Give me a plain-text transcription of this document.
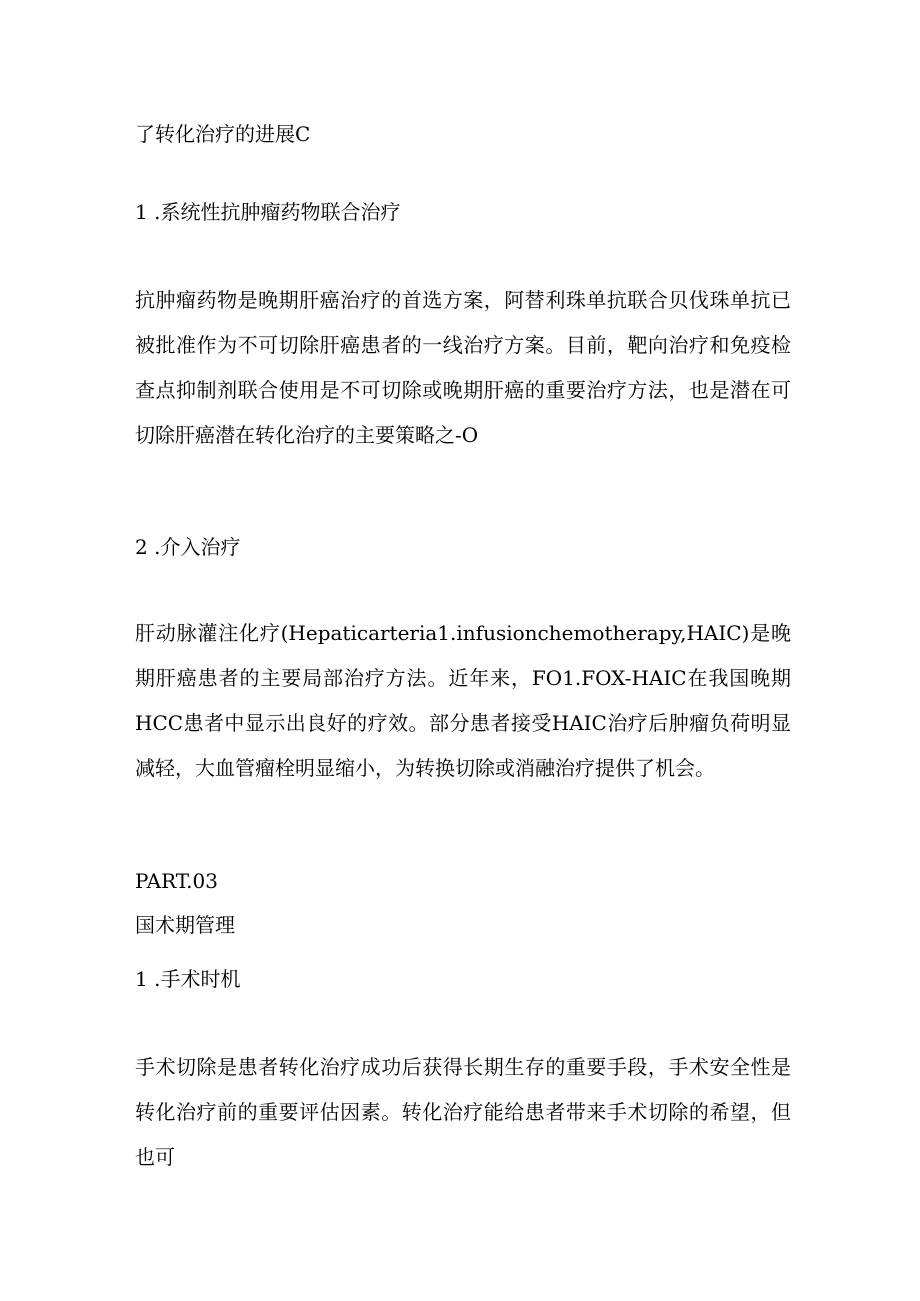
了转化治疗的进展C

1 .系统性抗肿瘤药物联合治疗

抗肿瘤药物是晚期肝癌治疗的首选方案，阿替利珠单抗联合贝伐珠单抗已被批准作为不可切除肝癌患者的一线治疗方案。目前，靶向治疗和免疫检查点抑制剂联合使用是不可切除或晚期肝癌的重要治疗方法，也是潜在可切除肝癌潜在转化治疗的主要策略之-O

2 .介入治疗

肝动脉灌注化疗(Hepaticarteria1.infusionchemotherapy,HAIC)是晚期肝癌患者的主要局部治疗方法。近年来，FO1.FOX-HAIC在我国晚期HCC患者中显示出良好的疗效。部分患者接受HAIC治疗后肿瘤负荷明显减轻，大血管瘤栓明显缩小，为转换切除或消融治疗提供了机会。

PART.03

国术期管理

1 .手术时机

手术切除是患者转化治疗成功后获得长期生存的重要手段，手术安全性是转化治疗前的重要评估因素。转化治疗能给患者带来手术切除的希望，但也可
